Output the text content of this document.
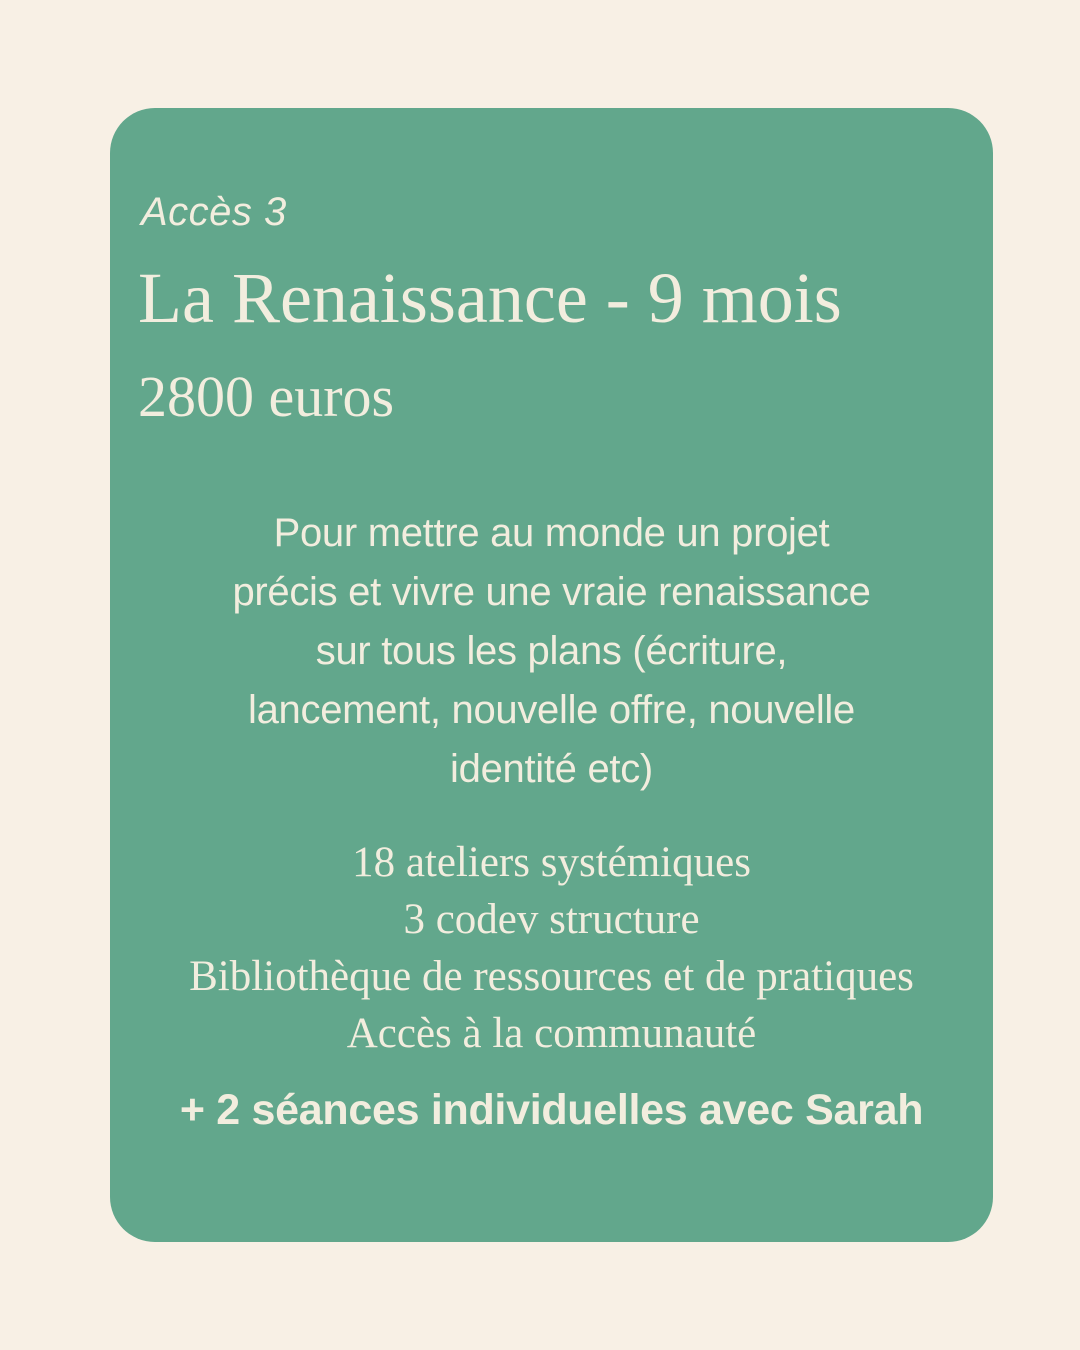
Accès 3
La Renaissance - 9 mois
2800 euros
Pour mettre au monde un projet
précis et vivre une vraie renaissance
sur tous les plans (écriture,
lancement, nouvelle offre, nouvelle
identité etc)
18 ateliers systémiques
3 codev structure
Bibliothèque de ressources et de pratiques
Accès à la communauté
+ 2 séances individuelles avec Sarah
